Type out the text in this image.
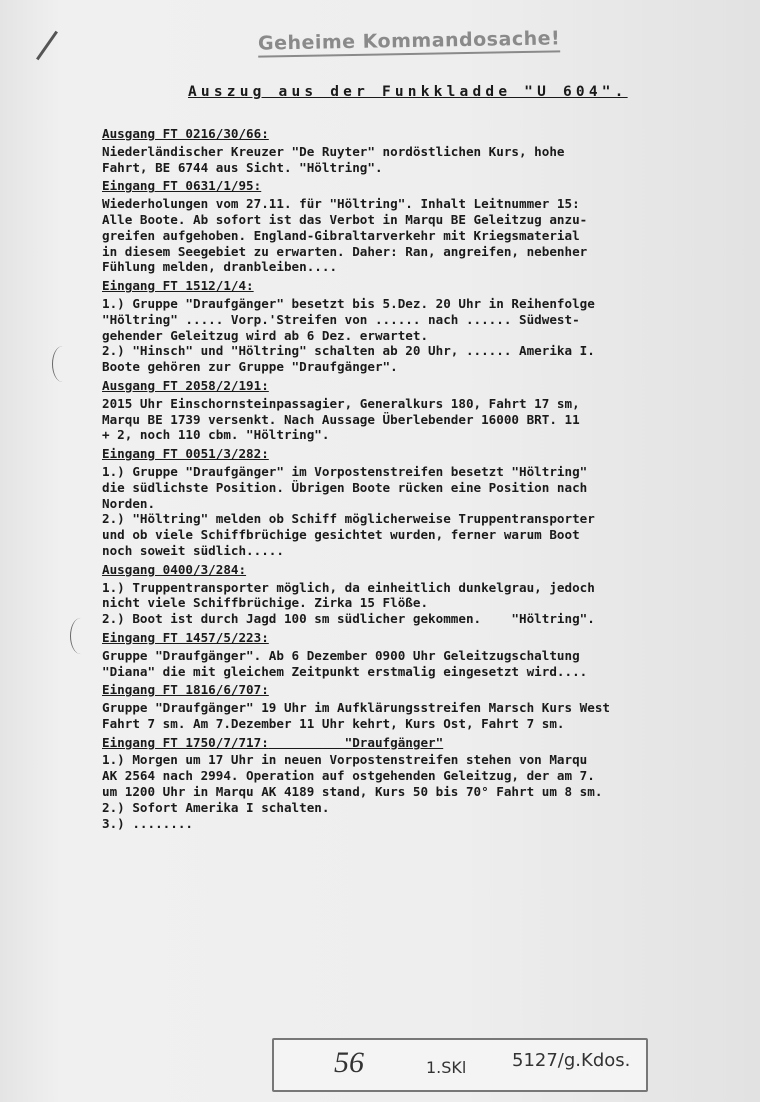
Geheime Kommandosache!
Auszug aus der Funkkladde "U 604".
Ausgang FT 0216/30/66:
Niederländischer Kreuzer "De Ruyter" nordöstlichen Kurs, hohe
Fahrt, BE 6744 aus Sicht. "Höltring".
Eingang FT 0631/1/95:
Wiederholungen vom 27.11. für "Höltring". Inhalt Leitnummer 15:
Alle Boote. Ab sofort ist das Verbot in Marqu BE Geleitzug anzu-
greifen aufgehoben. England-Gibraltarverkehr mit Kriegsmaterial
in diesem Seegebiet zu erwarten. Daher: Ran, angreifen, nebenher
Fühlung melden, dranbleiben....
Eingang FT 1512/1/4:
1.) Gruppe "Draufgänger" besetzt bis 5.Dez. 20 Uhr in Reihenfolge
"Höltring" ..... Vorp.'Streifen von ...... nach ...... Südwest-
gehender Geleitzug wird ab 6 Dez. erwartet.
2.) "Hinsch" und "Höltring" schalten ab 20 Uhr, ...... Amerika I.
Boote gehören zur Gruppe "Draufgänger".
Ausgang FT 2058/2/191:
2015 Uhr Einschornsteinpassagier, Generalkurs 180, Fahrt 17 sm,
Marqu BE 1739 versenkt. Nach Aussage Überlebender 16000 BRT. 11
+ 2, noch 110 cbm. "Höltring".
Eingang FT 0051/3/282:
1.) Gruppe "Draufgänger" im Vorpostenstreifen besetzt "Höltring"
die südlichste Position. Übrigen Boote rücken eine Position nach
Norden.
2.) "Höltring" melden ob Schiff möglicherweise Truppentransporter
und ob viele Schiffbrüchige gesichtet wurden, ferner warum Boot
noch soweit südlich.....
Ausgang 0400/3/284:
1.) Truppentransporter möglich, da einheitlich dunkelgrau, jedoch
nicht viele Schiffbrüchige. Zirka 15 Flöße.
2.) Boot ist durch Jagd 100 sm südlicher gekommen.    "Höltring".
Eingang FT 1457/5/223:
Gruppe "Draufgänger". Ab 6 Dezember 0900 Uhr Geleitzugschaltung
"Diana" die mit gleichem Zeitpunkt erstmalig eingesetzt wird....
Eingang FT 1816/6/707:
Gruppe "Draufgänger" 19 Uhr im Aufklärungsstreifen Marsch Kurs West
Fahrt 7 sm. Am 7.Dezember 11 Uhr kehrt, Kurs Ost, Fahrt 7 sm.
Eingang FT 1750/7/717:          "Draufgänger"
1.) Morgen um 17 Uhr in neuen Vorpostenstreifen stehen von Marqu
AK 2564 nach 2994. Operation auf ostgehenden Geleitzug, der am 7.
um 1200 Uhr in Marqu AK 4189 stand, Kurs 50 bis 70° Fahrt um 8 sm.
2.) Sofort Amerika I schalten.
3.) ........
56	1.SKl	5127/g.Kdos.
